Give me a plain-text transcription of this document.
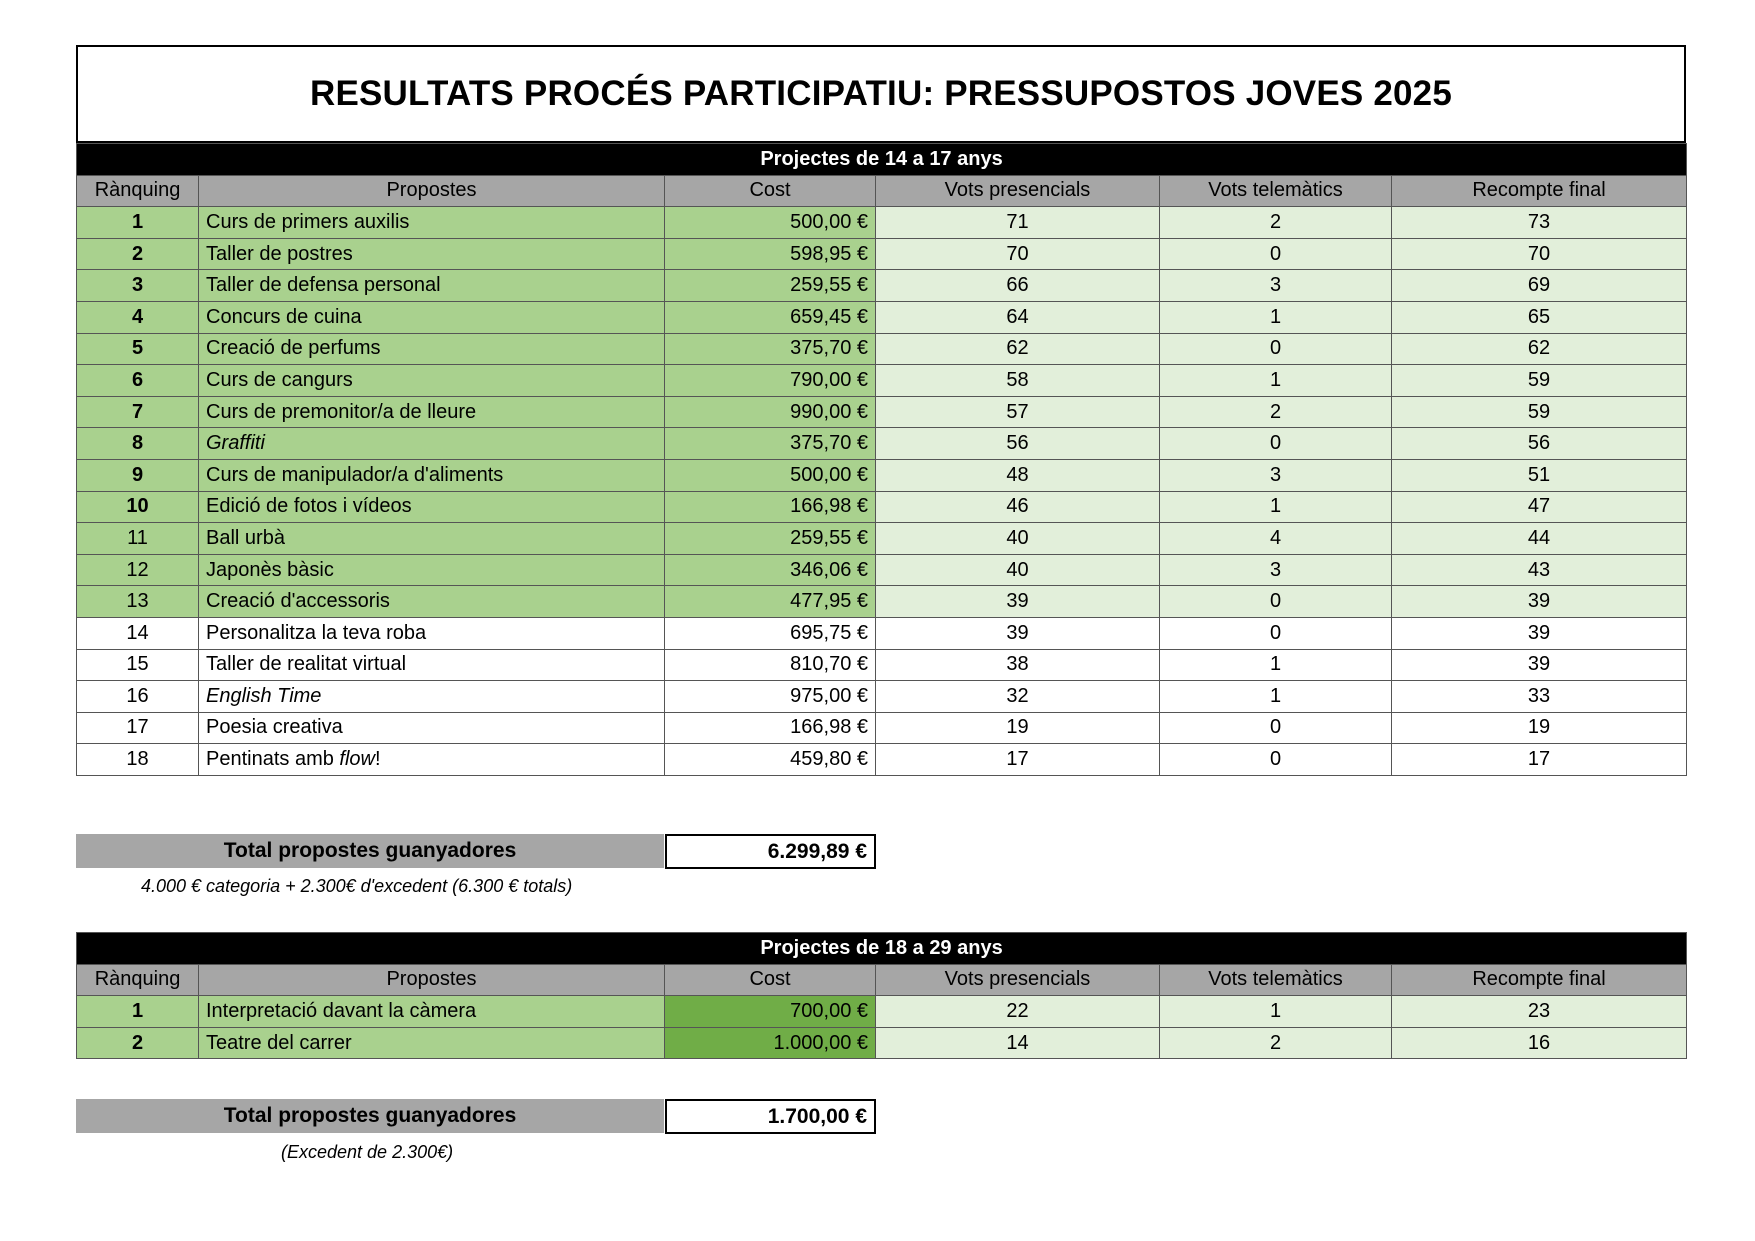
RESULTATS PROCÉS PARTICIPATIU: PRESSUPOSTOS JOVES 2025
Projectes de 14 a 17 anys					
Rànquing	Propostes	Cost	Vots presencials	Vots telemàtics	Recompte final
1	Curs de primers auxilis	500,00 €	71	2	73
2	Taller de postres	598,95 €	70	0	70
3	Taller de defensa personal	259,55 €	66	3	69
4	Concurs de cuina	659,45 €	64	1	65
5	Creació de perfums	375,70 €	62	0	62
6	Curs de cangurs	790,00 €	58	1	59
7	Curs de premonitor/a de lleure	990,00 €	57	2	59
8	Graffiti	375,70 €	56	0	56
9	Curs de manipulador/a d'aliments	500,00 €	48	3	51
10	Edició de fotos i vídeos	166,98 €	46	1	47
11	Ball urbà	259,55 €	40	4	44
12	Japonès bàsic	346,06 €	40	3	43
13	Creació d'accessoris	477,95 €	39	0	39
14	Personalitza la teva roba	695,75 €	39	0	39
15	Taller de realitat virtual	810,70 €	38	1	39
16	English Time	975,00 €	32	1	33
17	Poesia creativa	166,98 €	19	0	19
18	Pentinats amb flow!	459,80 €	17	0	17
Total propostes guanyadores	6.299,89 €
4.000 € categoria + 2.300€ d'excedent (6.300 € totals)
Projectes de 18 a 29 anys					
Rànquing	Propostes	Cost	Vots presencials	Vots telemàtics	Recompte final
1	Interpretació davant la càmera	700,00 €	22	1	23
2	Teatre del carrer	1.000,00 €	14	2	16
Total propostes guanyadores	1.700,00 €
(Excedent de 2.300€)
